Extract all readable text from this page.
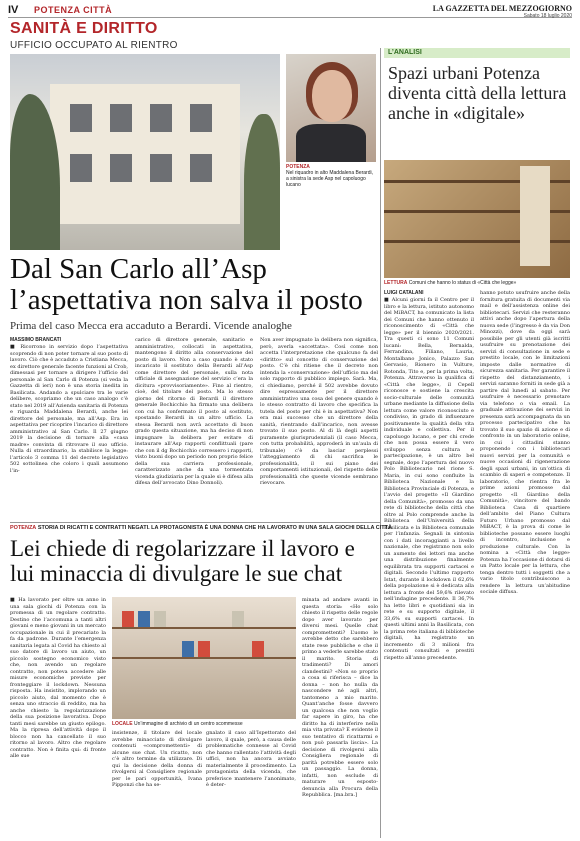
IV POTENZA CITTÀ	LA GAZZETTA DEL MEZZOGIORNO
Sabato 18 luglio 2020
SANITÀ E DIRITTO
UFFICIO OCCUPATO AL RIENTRO
POTENZA
Nel riquadro in alto Maddalena Berardi, a sinistra la sede Asp nel capoluogo lucano
L’ANALISI
Spazi urbani Potenza diventa città della lettura anche in «digitale»
LETTURA Comuni che hanno lo status di «Città che legge»
Dal San Carlo all’Asp l’aspettativa non salva il posto
Prima del caso Mecca era accaduto a Berardi. Vicende analoghe
MASSIMO BRANCATI
■ Ricorrono in servizio dopo l’aspettativa scoprendo di non poter tornare al suo posto di lavoro. Ciò che è accaduto a Cristiana Mecca, ex direttore generale facente funzioni al Crob, dimessasi per tornare a dirigere l’ufficio del personale al San Carlo di Potenza (si veda la Gazzetta di ieri) non è una storia inedita in Basilicata. Andando a spulciare tra le varie delibere, scopriamo che un caso analogo c’è stato nel 2019 all’Azienda sanitaria di Potenza e riguarda Maddalena Berardi, anche lei direttore del personale, ma all’Asp. Era in aspettativa per ricoprire l’incarico di direttore amministrativo al San Carlo. Il 27 giugno 2019 la decisione di tornare alla «casa madre» convinta di ritrovare il suo ufficio. Nulla di straordinario, la stabilisce la legge: l’articolo 3 comma 11 del decreto legislativo 502 sottolinea che coloro i quali assumono l’in-
carico di direttore generale, sanitario e amministrativo, collocati in aspettativa, mantengono il diritto alla conservazione del posto di lavoro. Non a caso quando è stato incaricato il sostituto della Berardi all’Asp come direttore del personale, sulla nota ufficiale di assegnazione del servizio c’era la dicitura «provvisoriamente». Fino al rientro, cioè, del titolare del posto. Ma lo stesso giorno del ritorno di Berardi il direttore generale Bochicchio ha firmato una delibera con cui ha confermato il posto al sostituto, spostando Berardi in un altro ufficio. La stessa Berardi non avrà accettato di buon grado questa situazione, ma ha deciso di non impugnare la delibera per evitare di instaurare all’Asp rapporti conflittuali (pare che con il dg Bochicchio corressero i rapporti, visto buoni dopo un periodo non proprio felice della sua carriera professionale, caratterizzato anche da una tormentata vicenda giudiziaria per la quale si è difesa alla difesa dell’avvocato Dino Donnoli).
Non aver impugnato la delibera non significa, però, averla «accettata». Così come non accetta l’interpretazione che qualcuno fa del «diritto» sul concetto di conservazione del posto. C’è chi ritiene che il decreto non intenda la «conservazione» dell’ufficio ma del solo rapporto di pubblico impiego. Sarà. Ma, ci chiediamo, perché il 502 avrebbe dovuto dire espressamente per il direttore amministrativo una cosa del genere quando è lo stesso contratto di lavoro che specifica la tutela del posto per chi è in aspettativa? Non era mai successo che un direttore della sanità, rientrando dall’incarico, non avesse trovato il suo posto. Al di là degli aspetti puramente giurisprudenziali (il caso Mecca, con tutta probabilità, approderà in un’aula di tribunale) c’è da lasciar perplessi l’atteggiamento di chi sacrifica le professionalità, il sui piano dei comportamenti istituzionali, del rispetto delle professionalità che queste vicende sembrano rievocare.
LUIGI CATALANI
■ Alcuni giorni fa il Centro per il libro e la lettura, istituto autonomo del MiBACT, ha comunicato la lista dei Comuni che hanno ottenuto il riconoscimento di «Città che legge» per il biennio 2020/2021. Tra questi ci sono 11 Comuni lucani: Bella, Bernalda, Ferrandina, Filiano, Lauria, Montalbano Jonico, Palazzo San Gervasio, Rionero in Vulture, Rotonda, Tito e, per la prima volta, Potenza. Attraverso la qualifica di «Città che legge», il Cepell riconosce e sostiene la crescita socio-culturale delle comunità urbane mediante la diffusione della lettura come valore riconosciuto e condiviso, in grado di influenzare positivamente la qualità della vita individuale e collettiva. Per il capoluogo lucano, e per chi crede che non possa essere il vero sviluppo senza cultura e partecipazione, è un altro bel segnale, dopo l’apertura del nuovo Polo Bibliotecario nel rione S. Maria, in cui sono confluite la Biblioteca Nazionale e la Biblioteca Provinciale di Potenza, e l’avvio del progetto «Il Giardino della Comunità», promosso da una rete di biblioteche della città che oltre al Polo comprende anche la Biblioteca dell’Università della Basilicata e la Biblioteca comunale per l’infanzia. Segnali in sintonia con i dati incoraggianti a livello nazionale, che registrano non solo un aumento dei lettori ma anche una distribuzione finalmente equilibrata tra supporti cartacei e digitali. Secondo l’ultimo rapporto Istat, durante il lockdown il 62,6% della popolazione si è dedicata alla lettura a fronte del 59,6% rilevato nell’indagine precedente. Il 36,7% ha letto libri e quotidiani sia in rete e su supporto digitale, il 33,6% su supporti cartacei. In questi ultimi anni la Basilicata, con la prima rete italiana di biblioteche digitali, ha registrato un incremento di 3 milioni fra contenuti consultati e prestiti rispetto all’anno precedente.
hanno potuto usufruire anche della fornitura gratuita di documenti via mail e dell’assistenza online dei bibliotecari. Servizi che resteranno attivi anche dopo l’apertura della nuova sede (l’ingresso è da via Don Minozzi), dove da oggi sarà possibile per gli utenti già iscritti usufruire su prenotazione dei servizi di consultazione in sede e prestito locale, con le limitazioni imposte dalle normative di sicurezza sanitaria. Per garantire il rispetto del distanziamento, i servizi saranno forniti in sede già a partire dal lunedì al sabato. Per usufruire è necessario prenotare via telefono o via email. La graduale attivazione dei servizi in presenza sarà accompagnata da un processo partecipativo che ha trovato il suo spazio di azione e di confronto in un laboratorio online, in cui i cittadini stanno proponendo con i bibliotecari nuovi servizi per la comunità e nuove occasioni di rigenerazione degli spazi urbani, in un’ottica di scambio di saperi e competenze. Il laboratorio, che rientra fra le prime azioni promosse dal progetto «Il Giardino della Comunità», vincitore del bando Biblioteca Casa di quartiere dell’ambito del Piano Cultura Futuro Urbano promosso dal MiBACT, è la prova di come le biblioteche possano essere luoghi di incontro, inclusione e produzione culturale. Con la nomina a «Città che legge» Potenza ha l’occasione di dotarsi di un Patto locale per la lettura, che tenga dentro tutti i soggetti che a vario titolo contribuiscono a rendere la lettura un’abitudine sociale diffusa.
POTENZA STORIA DI RICATTI E CONTRATTI NEGATI. LA PROTAGONISTA È UNA DONNA CHE HA LAVORATO IN UNA SALA GIOCHI DELLA CITTÀ
Lei chiede di regolarizzare il lavoro e lui minaccia di divulgare le sue chat
■ Ha lavorato per oltre un anno in una sala giochi di Potenza con la promessa di un regolare contratto. Destino che l’accomuna a tanti altri giovani e meno giovani in un mercato occupazionale in cui il precariato la fa da padrone. Durante l’emergenza sanitaria legata al Covid ha chiesto al suo datore di lavoro un aiuto, un piccolo sostegno economico visto che, non avendo un regolare contratto, non poteva accedere alle misure economiche previste per fronteggiare il lockdown. Nessuna risposta. Ha insistito, implorando un piccolo aiuto, dal momento che è senza uno straccio di reddito, ma ha anche chiesto la regolarizzazione della sua posizione lavorativa. Dopo tanti mesi sarebbe un giusto epilogo. Ma la ripresa dell’attività dopo il blocco non ha cancellato il suo ritorno al lavoro. Altro che regolare contratto. Non è finita qui: di fronte alle sue
LOCALE Un’immagine di archivio di un centro scommesse
insistenze, il titolare del locale avrebbe minacciato di divulgare contenuti «compromettenti» di alcune sue chat. Un ricatto, non c’è altro termine da utilizzare. Di qui la decisione della donna di rivolgersi al Consigliere regionale per le pari opportunità, Ivana Pipponzi che ha se-
gnalato il caso all’Ispettorato del lavoro, il quale, però, a causa delle problematiche connesse al Covid che hanno rallentato l’attività degli uffici, non ha ancora avviato materialmente il procedimento. La protagonista della vicenda, che preferisce mantenere l’anonimato, è deter-
minata ad andare avanti in questa storia: «Ho solo chiesto il rispetto delle regole dopo aver lavorato per diversi mesi. Quelle chat compromettenti? L’uomo le avrebbe detto che sarebbero state rese pubbliche e che il primo a vederle sarebbe stato il marito. Storia di tradimenti? Di amori clandestini? «Non so proprio a cosa si riferisca – dice la donna – non ho nulla da nascondere né agli altri, tantomeno a mio marito. Quant’anche fosse davvero un qualcosa che non voglio far sapere in giro, ha che diritto ha di interferire nella mia vita privata? È evidente il suo tentativo di ricattarmi e non può passarla liscia». La decisione di rivolgersi alla Consigliera regionale di parità potrebbe essere solo un passaggio. La donna, infatti, non esclude di maturare un esposto-denuncia alla Procura della Repubblica. [ma.bra.]
